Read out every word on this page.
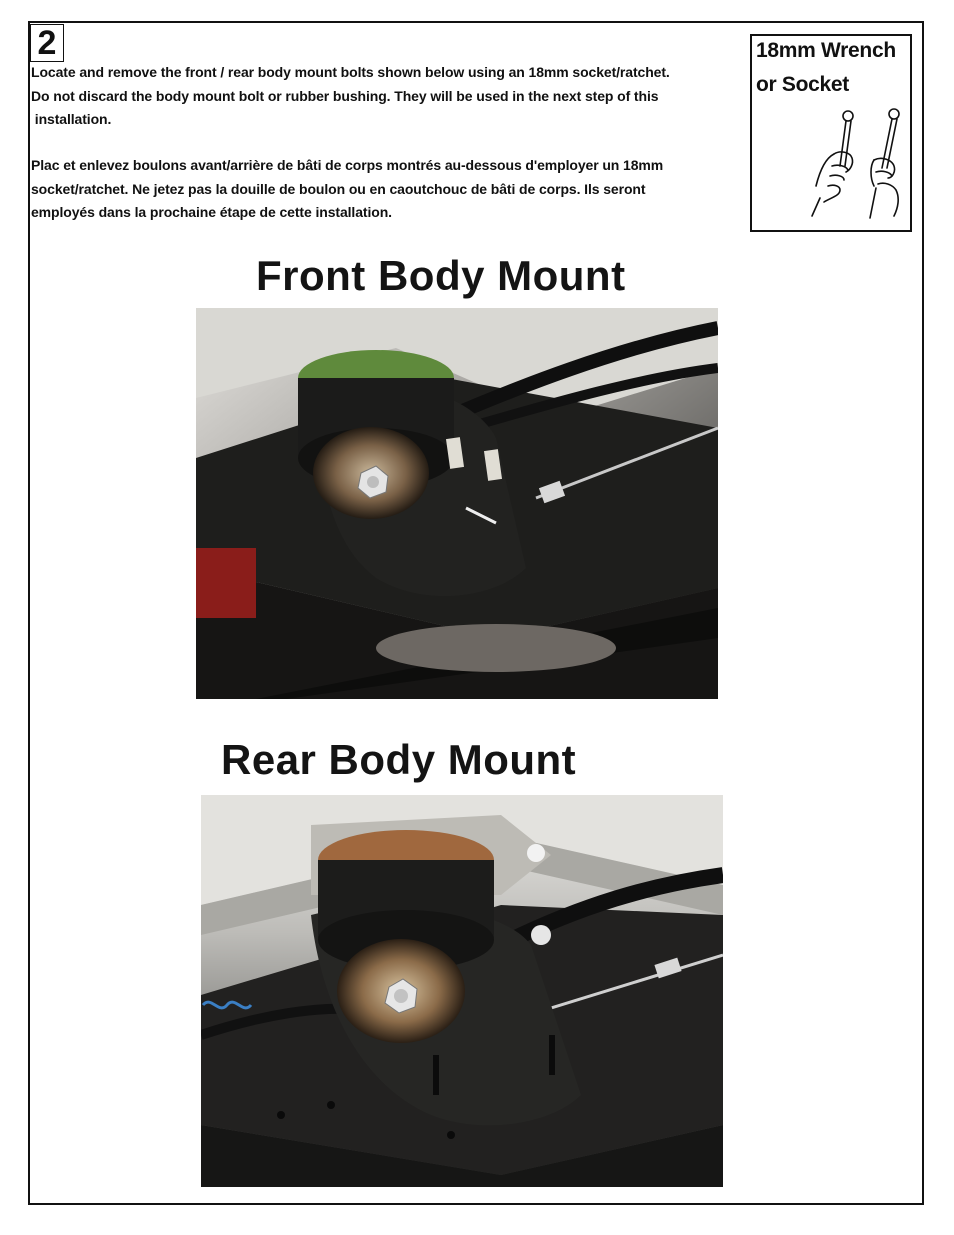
2

Locate and remove the front / rear body mount bolts shown below using an 18mm socket/ratchet.

Do not discard the body mount bolt or rubber bushing. They will be used in the next step of this

installation.

Plac et enlevez boulons avant/arrière de bâti de corps montrés au-dessous d'employer un 18mm

socket/ratchet. Ne jetez pas la douille de boulon ou en caoutchouc de bâti de corps. Ils seront

employés dans la prochaine étape de cette installation.

18mm Wrench
or Socket
Front Body Mount
Rear Body Mount
